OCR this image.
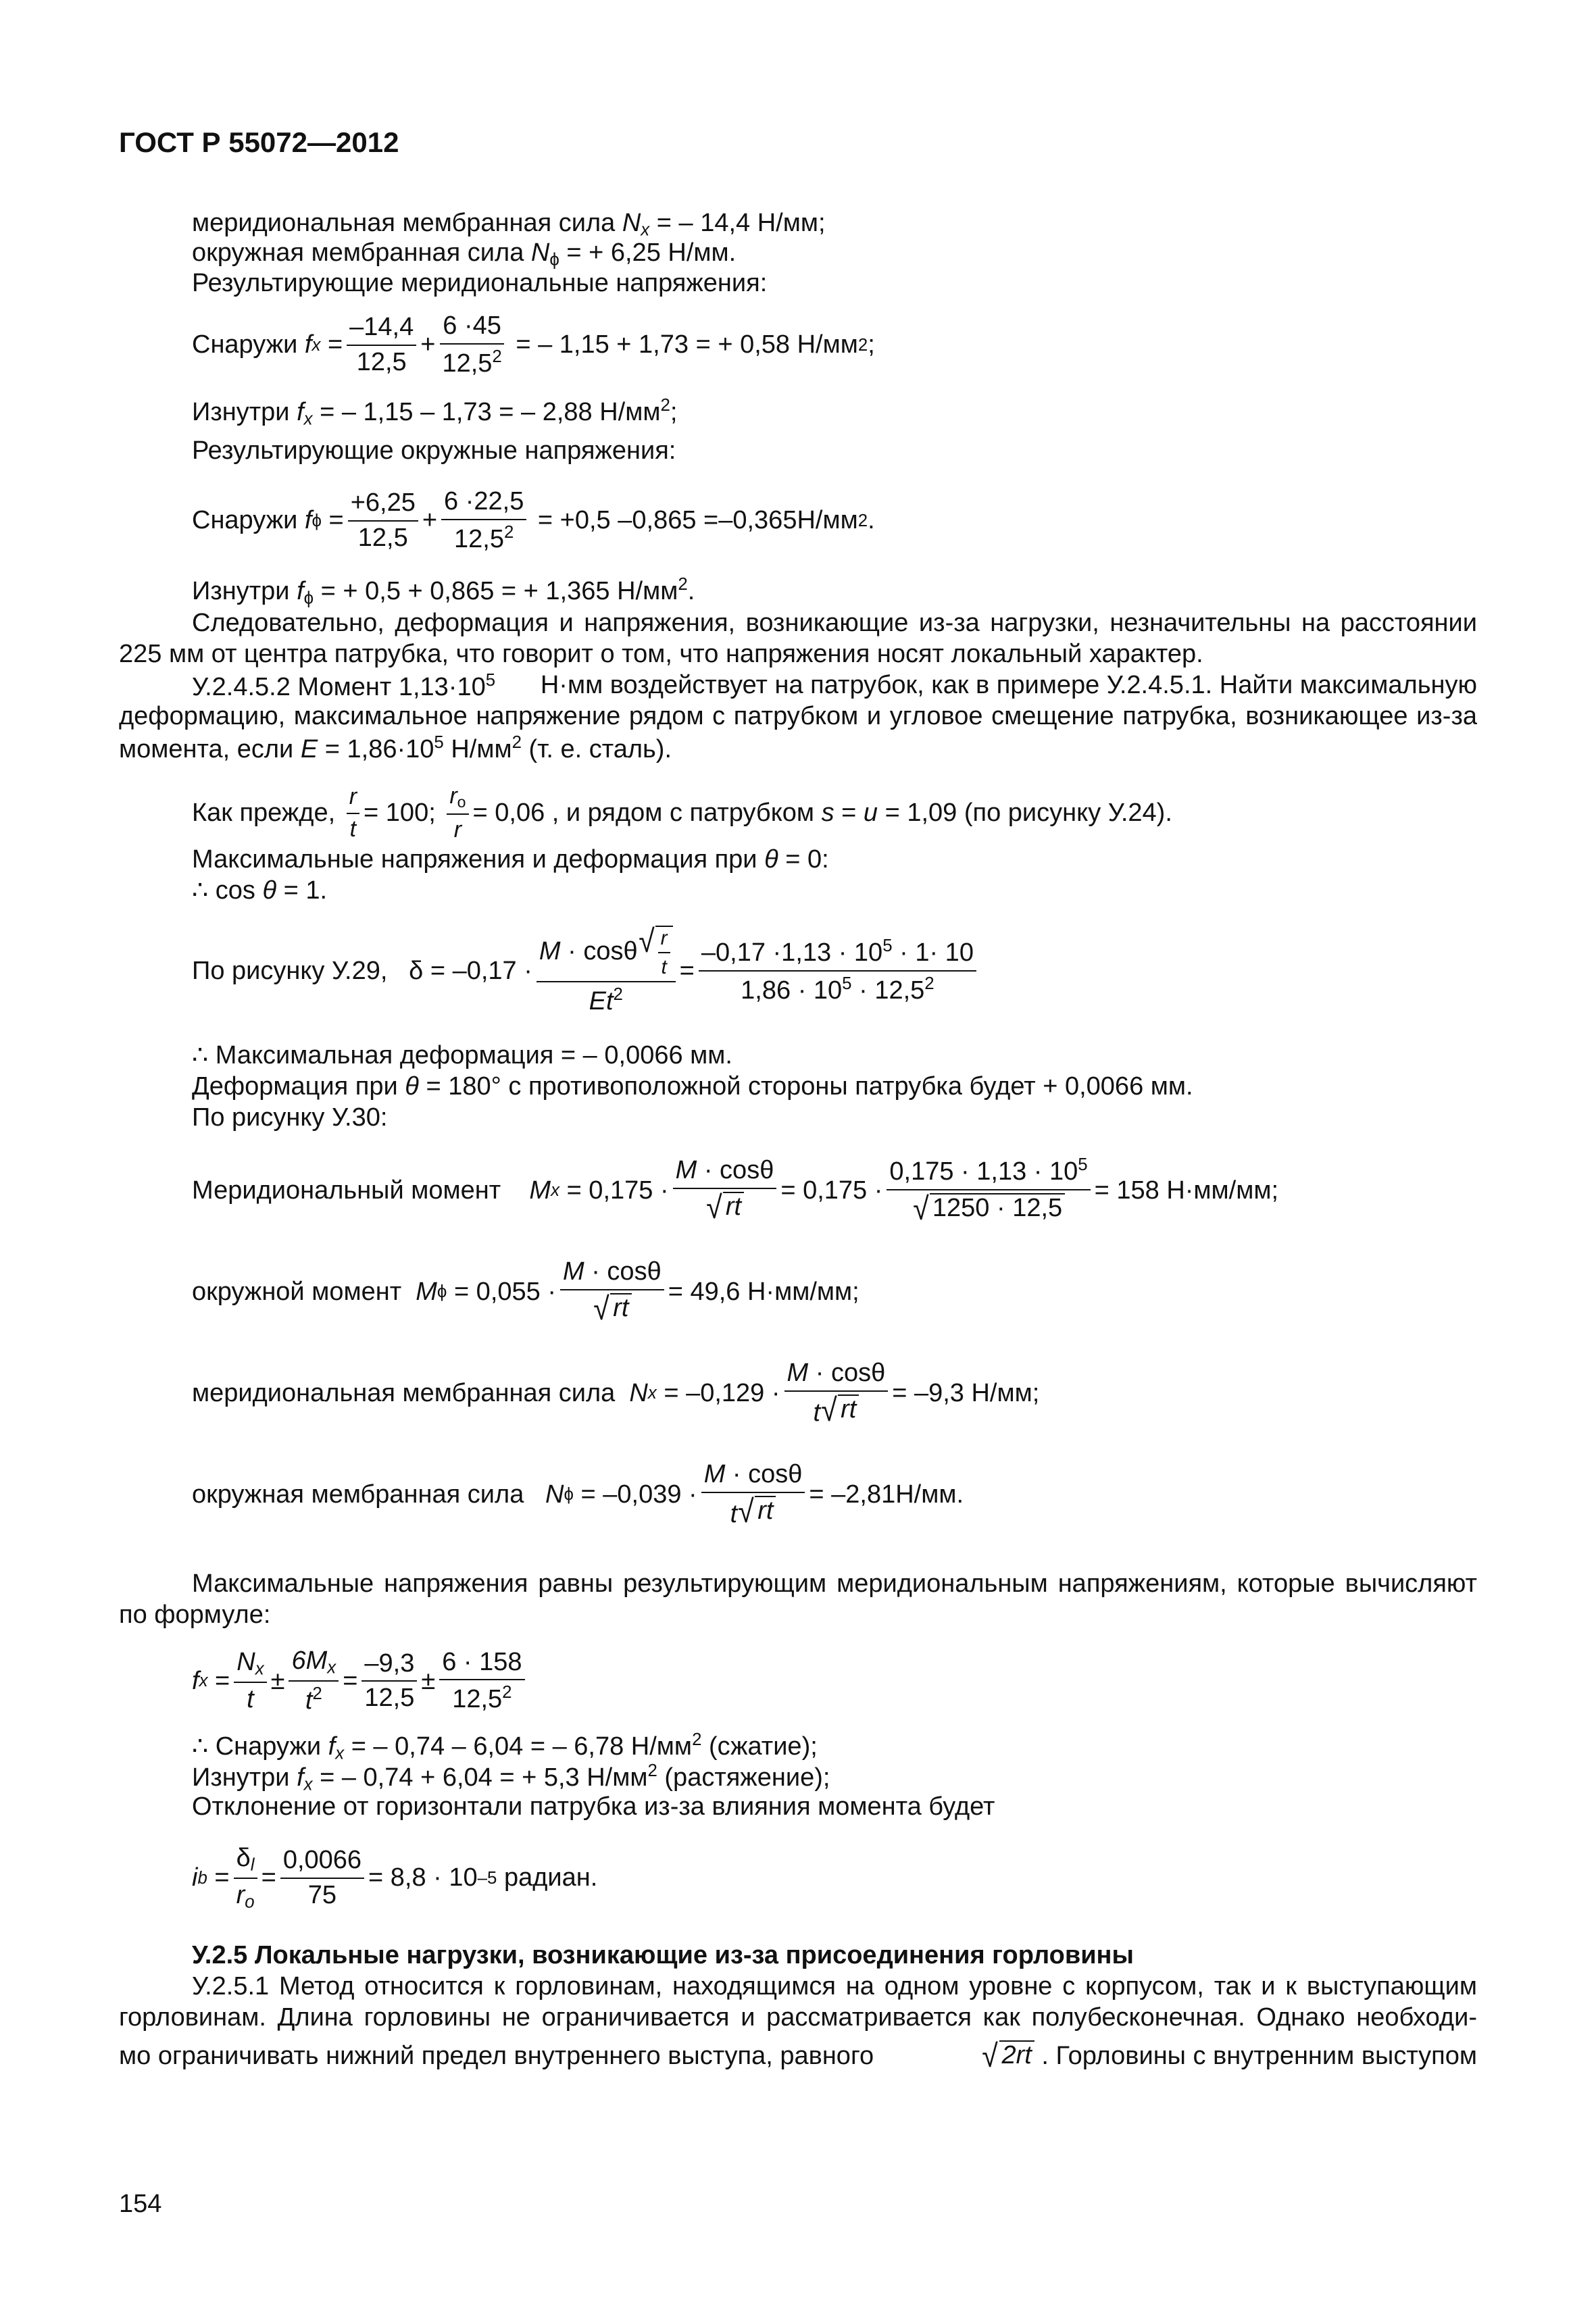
ГОСТ Р 55072—2012
меридиональная мембранная сила $N_x$ = – 14,4 Н/мм;
окружная мембранная сила $N_\phi$ = + 6,25 Н/мм.
Результирующие меридиональные напряжения:
Снаружи
f $x = \frac{-14,4}{12,5} + \frac{6 \cdot 45}{12,5^2}$
= – 1,15 + 1,73 = + 0,58 Н/мм 2 ;
Изнутри $f_x$ = – 1,15 – 1,73 = – 2,88 $Н/мм^2$;
Результирующие окружные напряжения:
Снаружи
f $\phi = \frac{+6,25}{12,5} + \frac{6 \cdot 22,5}{12,5^2}$
= +0,5 –0,865 =–0,365Н/мм 2 .
Изнутри $f_\phi$ = + 0,5 + 0,865 = + 1,365 $Н/мм^2$.
Следовательно, деформация и напряжения, возникающие из-за нагрузки, незначительны на расстоянии
225 мм от центра патрубка, что говорит о том, что напряжения носят локальный характер.
У.2.4.5.2 Момент $1,13\cdot 10^5$ Н·мм воздействует на патрубок, как в примере У.2.4.5.1. Найти максимальную
деформацию, максимальное напряжение рядом с патрубком и угловое смещение патрубка, возникающее из-за
момента, если $E = 1,86\cdot 10^5$ $Н/мм^2$ (т. е. сталь).
Как прежде,
$\frac{r}{t} = 100$;
$\frac{r_o}{r} = 0,06$ , и рядом с патрубком
s
=
u
= 1,09 (по рисунку У.24).
Максимальные напряжения и деформация при θ = 0:
∴ cos θ = 1.
По рисунку У.29,
δ = –0,17 · M
· cosθ √ $\frac{r}{t}$
$Et^2 = \frac{-0,17 \cdot 1,13 \cdot 10^5 \cdot 1\cdot 10}{1,86 \cdot 10^5 \cdot 12,5^2}$
∴ Максимальная деформация = – 0,0066 мм.
Деформация при θ = 180° с противоположной стороны патрубка будет + 0,0066 мм.
По рисунку У.30:
Меридиональный момент
M x
= $0,175 \cdot \frac{M \cdot \cos\theta}{√ rt} = 0,175 \cdot \frac{0,175 \cdot 1,13 \cdot 10^5}{√ 1250 \cdot 12,5} = 158$ Н·мм/мм;
окружной момент
M ϕ
= $0,055 \cdot \frac{M \cdot \cos\theta}{√ rt} = 49,6$ Н·мм/мм;
меридиональная мембранная сила
N x
= $-0,129 \cdot \frac{M \cdot \cos\theta}{t √ rt} = -9,3$ Н/мм;
окружная мембранная сила
N ϕ
= $-0,039 \cdot \frac{M \cdot \cos\theta}{t √ rt} = -2,81Н/мм$.
Максимальные напряжения равны результирующим меридиональным напряжениям, которые вычисляют
по формуле:
f $x = \frac{N_x}{t} \pm \frac{6M_x}{t^2} = \frac{-9,3}{12,5} \pm \frac{6 \cdot 158}{12,5^2}$
∴ Снаружи $f_x$ = – 0,74 – 6,04 = – 6,78 $Н/мм^2$ (сжатие);
Изнутри $f_x$ = – 0,74 + 6,04 = + 5,3 $Н/мм^2$ (растяжение);
Отклонение от горизонтали патрубка из-за влияния момента будет
i $b = \frac{\delta_l}{r_o} = \frac{0,0066}{75} = 8,8 \cdot 10$ –5
радиан.
У.2.5 Локальные нагрузки, возникающие из-за присоединения горловины
У.2.5.1 Метод относится к горловинам, находящимся на одном уровне с корпусом, так и к выступающим
горловинам. Длина горловины не ограничивается и рассматривается как полубесконечная. Однако необходи-
мо ограничивать нижний предел внутреннего выступа, равного	√ 2rt
. Горловины с внутренним выступом
154
